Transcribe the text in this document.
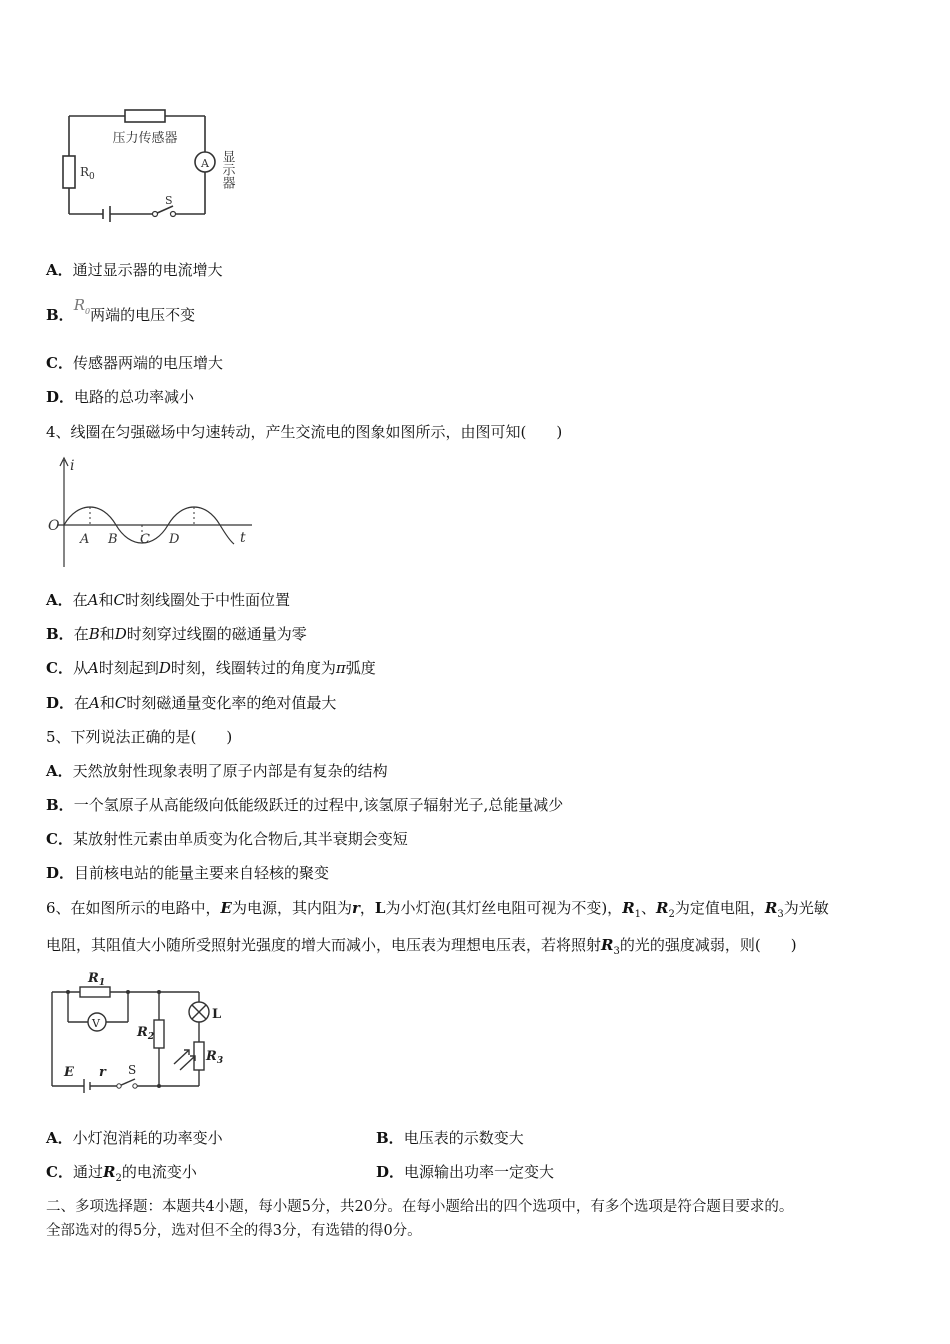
压力传感器
A
$R_0$
S
显示器
A．通过显示器的电流增大
B．$R_0$两端的电压不变
C．传感器两端的电压增大
D．电路的总功率减小
4、线圈在匀强磁场中匀速转动，产生交流电的图象如图所示，由图可知(　　)
i
O
t
A B C D
A．在A和C时刻线圈处于中性面位置
B．在B和D时刻穿过线圈的磁通量为零
C．从A时刻起到D时刻，线圈转过的角度为π弧度
D．在A和C时刻磁通量变化率的绝对值最大
5、下列说法正确的是(　　)
A．天然放射性现象表明了原子内部是有复杂的结构
B．一个氢原子从高能级向低能级跃迁的过程中,该氢原子辐射光子,总能量减少
C．某放射性元素由单质变为化合物后,其半衰期会变短
D．目前核电站的能量主要来自轻核的聚变
6、在如图所示的电路中，E为电源，其内阻为r，L为小灯泡(其灯丝电阻可视为不变)，$R_1$、$R_2$为定值电阻，$R_3$为光敏
电阻，其阻值大小随所受照射光强度的增大而减小，电压表为理想电压表，若将照射$R_3$的光的强度减弱，则(　　)
$R_1$
V
$R_2$
L
$R_3$
E r S
A．小灯泡消耗的功率变小	B．电压表的示数变大
C．通过$R_2$的电流变小	D．电源输出功率一定变大
二、多项选择题：本题共4小题，每小题5分，共20分。在每小题给出的四个选项中，有多个选项是符合题目要求的。
全部选对的得5分，选对但不全的得3分，有选错的得0分。
